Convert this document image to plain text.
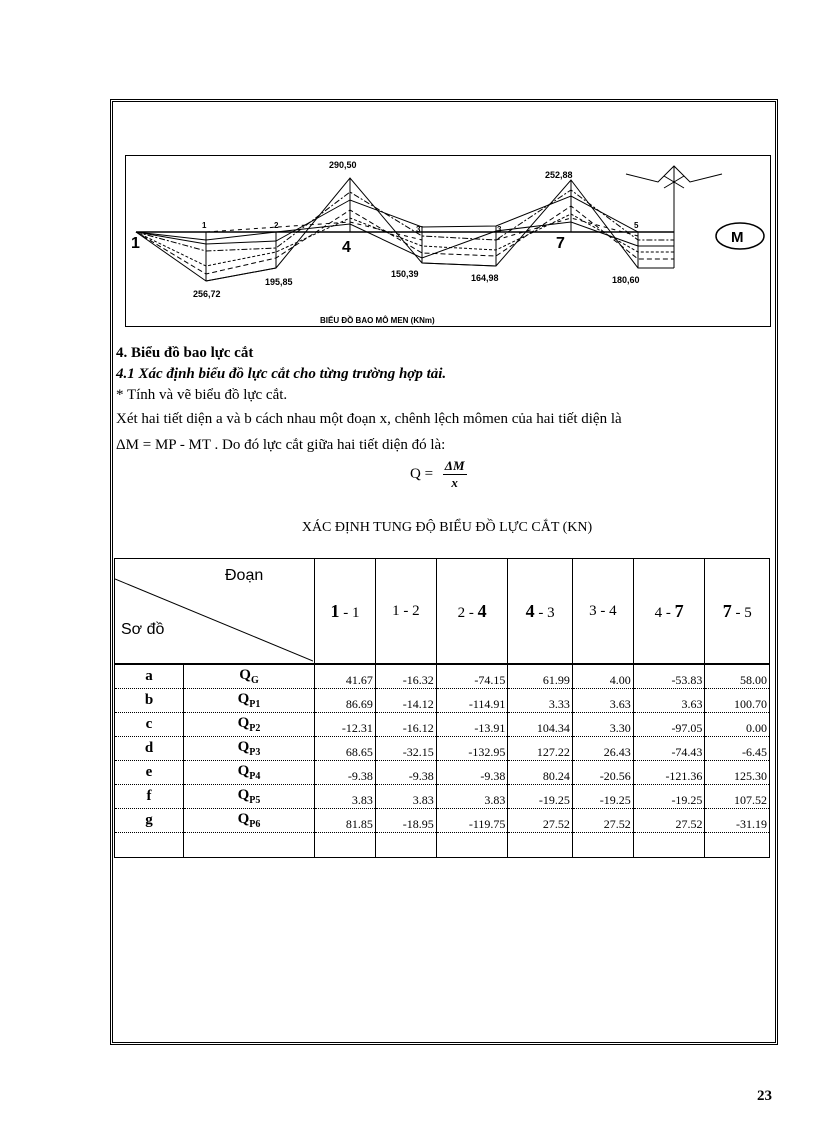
1
1	2
4
3	3
7
5
290,50
252,88
256,72
195,85
150,39	164,98	180,60
BIỂU ĐỒ BAO MÔ MEN (KNm)
M
4. Biểu đồ bao lực cắt
4.1 Xác định biểu đồ lực cắt cho từng trường hợp tải.
* Tính và vẽ biểu đồ lực cắt.
Xét hai tiết diện a và b cách nhau một đoạn x, chênh lệch mômen của hai tiết diện là
ΔM = MP - MT . Do đó lực cắt giữa hai tiết diện đó là:
$Q = \frac{\Delta M}{x}$
XÁC ĐỊNH TUNG ĐỘ BIỂU ĐỒ LỰC CẮT (KN)
Đoạn
Sơ đồ		1 - 1	1 - 2	2 - 4	4 - 3	3 - 4	4 - 7	7 - 5
a	$Q_G$	41.67	-16.32	-74.15	61.99	4.00	-53.83	58.00
b	$Q_{P1}$	86.69	-14.12	-114.91	3.33	3.63	3.63	100.70
c	$Q_{P2}$	-12.31	-16.12	-13.91	104.34	3.30	-97.05	0.00
d	$Q_{P3}$	68.65	-32.15	-132.95	127.22	26.43	-74.43	-6.45
e	$Q_{P4}$	-9.38	-9.38	-9.38	80.24	-20.56	-121.36	125.30
f	$Q_{P5}$	3.83	3.83	3.83	-19.25	-19.25	-19.25	107.52
g	$Q_{P6}$	81.85	-18.95	-119.75	27.52	27.52	27.52	-31.19

23
